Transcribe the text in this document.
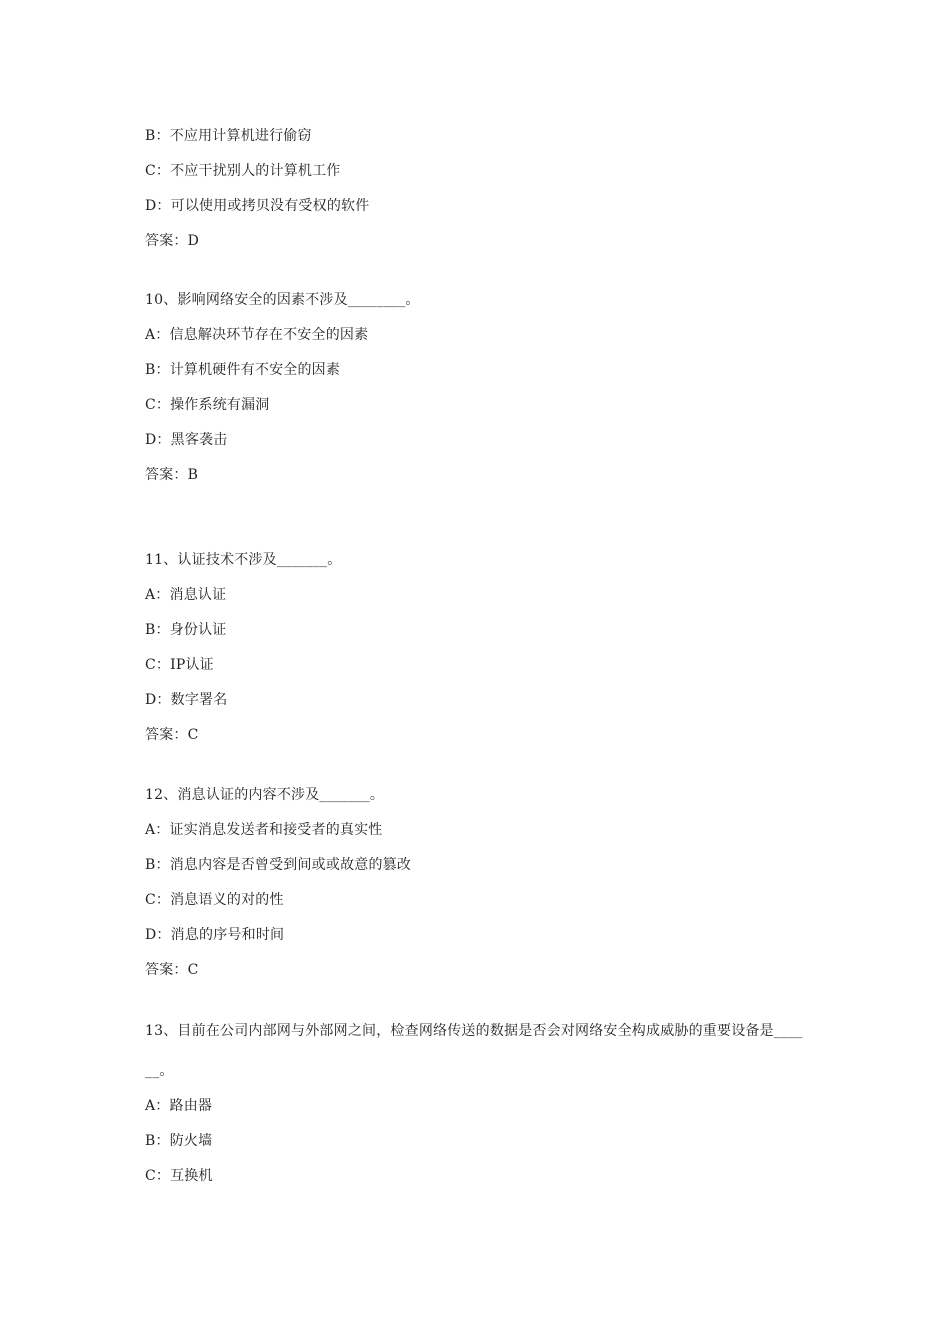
B：不应用计算机进行偷窃
C：不应干扰别人的计算机工作
D：可以使用或拷贝没有受权的软件
答案：D
10、影响网络安全的因素不涉及________。
A：信息解决环节存在不安全的因素
B：计算机硬件有不安全的因素
C：操作系统有漏洞
D：黑客袭击
答案：B
11、认证技术不涉及_______。
A：消息认证
B：身份认证
C：IP认证
D：数字署名
答案：C
12、消息认证的内容不涉及_______。
A：证实消息发送者和接受者的真实性
B：消息内容是否曾受到间或或故意的篡改
C：消息语义的对的性
D：消息的序号和时间
答案：C
13、目前在公司内部网与外部网之间，检查网络传送的数据是否会对网络安全构成威胁的重要设备是____
__。
A：路由器
B：防火墙
C：互换机
